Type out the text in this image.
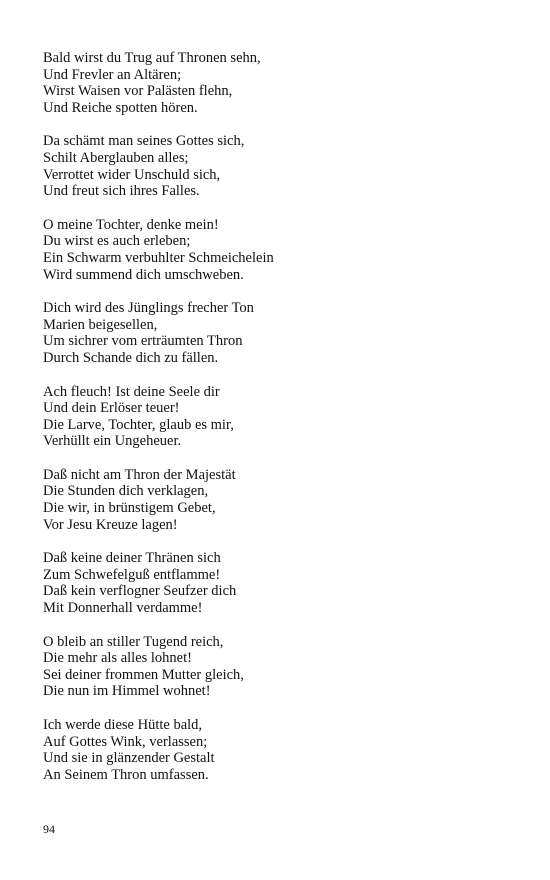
Bald wirst du Trug auf Thronen sehn,
Und Frevler an Altären;
Wirst Waisen vor Palästen flehn,
Und Reiche spotten hören.
Da schämt man seines Gottes sich,
Schilt Aberglauben alles;
Verrottet wider Unschuld sich,
Und freut sich ihres Falles.
O meine Tochter, denke mein!
Du wirst es auch erleben;
Ein Schwarm verbuhlter Schmeichelein
Wird summend dich umschweben.
Dich wird des Jünglings frecher Ton
Marien beigesellen,
Um sichrer vom erträumten Thron
Durch Schande dich zu fällen.
Ach fleuch! Ist deine Seele dir
Und dein Erlöser teuer!
Die Larve, Tochter, glaub es mir,
Verhüllt ein Ungeheuer.
Daß nicht am Thron der Majestät
Die Stunden dich verklagen,
Die wir, in brünstigem Gebet,
Vor Jesu Kreuze lagen!
Daß keine deiner Thränen sich
Zum Schwefelguß entflamme!
Daß kein verflogner Seufzer dich
Mit Donnerhall verdamme!
O bleib an stiller Tugend reich,
Die mehr als alles lohnet!
Sei deiner frommen Mutter gleich,
Die nun im Himmel wohnet!
Ich werde diese Hütte bald,
Auf Gottes Wink, verlassen;
Und sie in glänzender Gestalt
An Seinem Thron umfassen.
94
